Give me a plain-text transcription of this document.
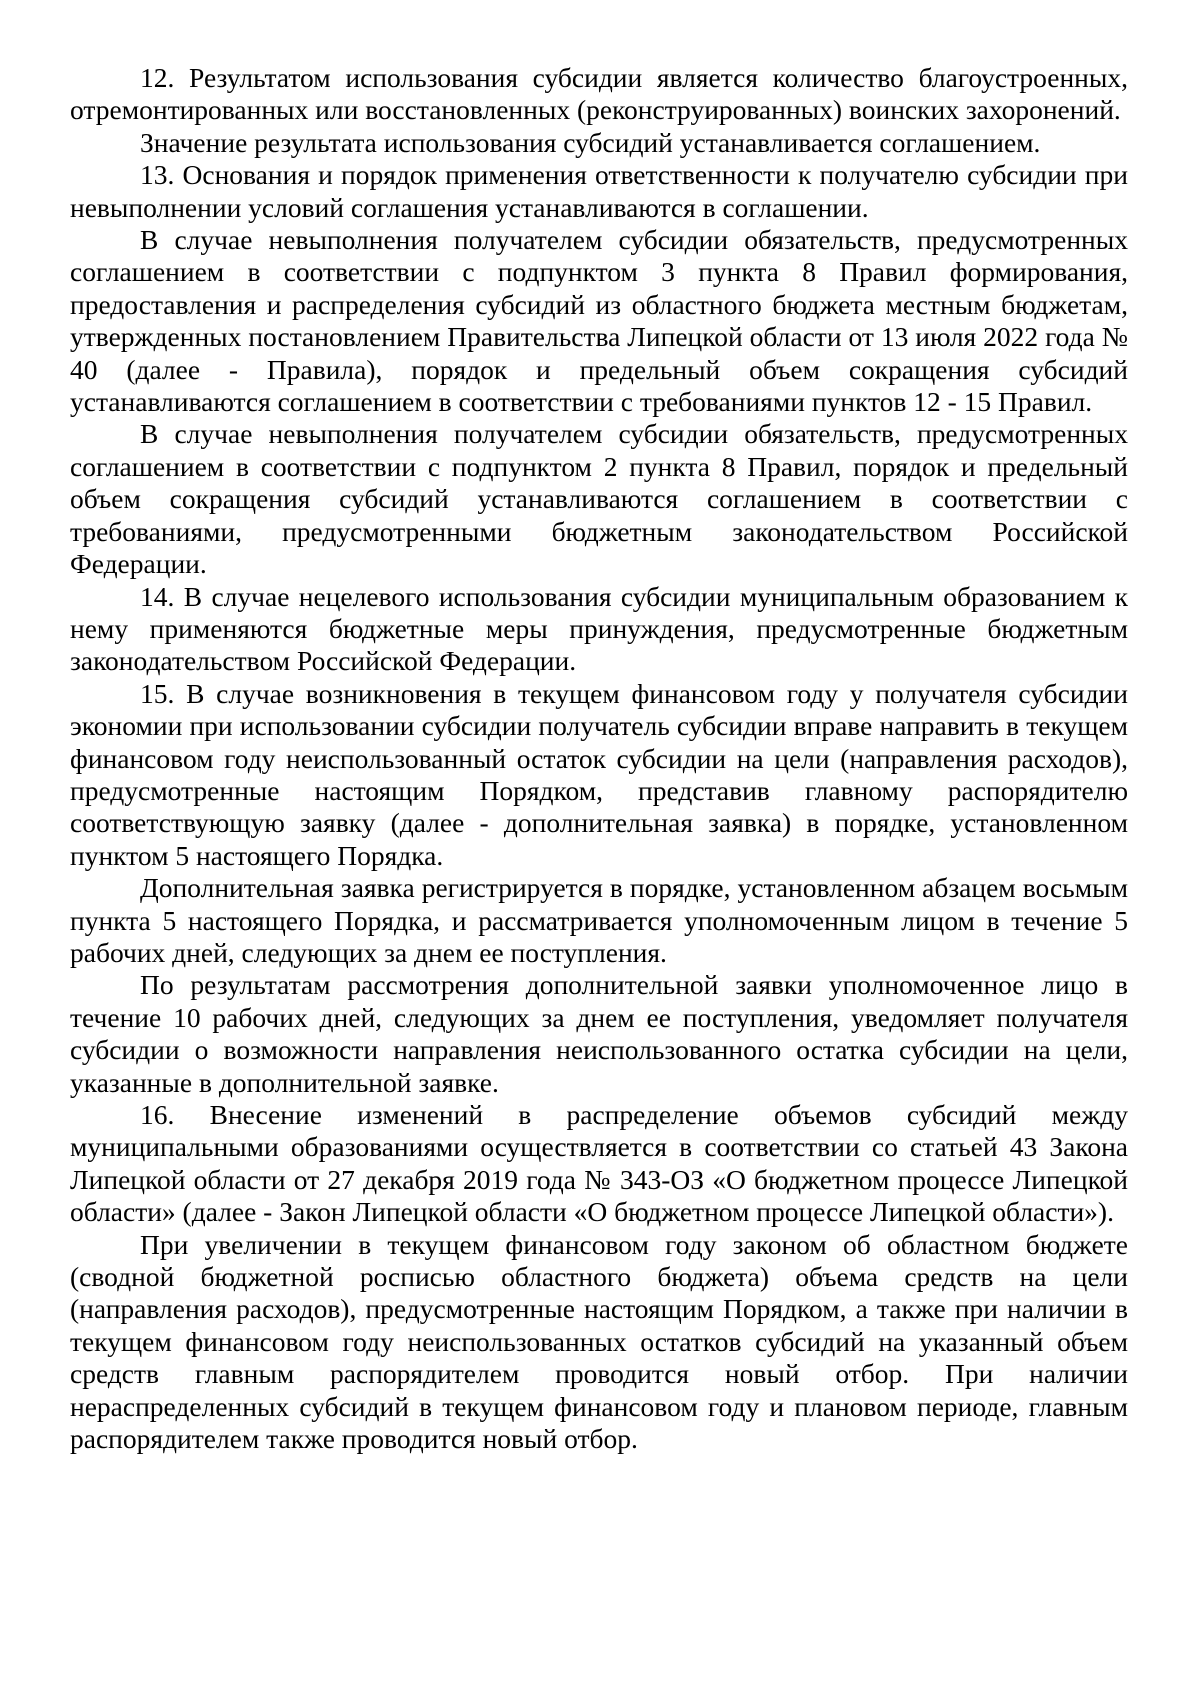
12. Результатом использования субсидии является количество благоустроенных, отремонтированных или восстановленных (реконструированных) воинских захоронений.

Значение результата использования субсидий устанавливается соглашением.

13. Основания и порядок применения ответственности к получателю субсидии при невыполнении условий соглашения устанавливаются в соглашении.

В случае невыполнения получателем субсидии обязательств, предусмотренных соглашением в соответствии с подпунктом 3 пункта 8 Правил формирования, предоставления и распределения субсидий из областного бюджета местным бюджетам, утвержденных постановлением Правительства Липецкой области от 13 июля 2022 года № 40 (далее - Правила), порядок и предельный объем сокращения субсидий устанавливаются соглашением в соответствии с требованиями пунктов 12 - 15 Правил.

В случае невыполнения получателем субсидии обязательств, предусмотренных соглашением в соответствии с подпунктом 2 пункта 8 Правил, порядок и предельный объем сокращения субсидий устанавливаются соглашением в соответствии с требованиями, предусмотренными бюджетным законодательством Российской Федерации.

14. В случае нецелевого использования субсидии муниципальным образованием к нему применяются бюджетные меры принуждения, предусмотренные бюджетным законодательством Российской Федерации.

15. В случае возникновения в текущем финансовом году у получателя субсидии экономии при использовании субсидии получатель субсидии вправе направить в текущем финансовом году неиспользованный остаток субсидии на цели (направления расходов), предусмотренные настоящим Порядком, представив главному распорядителю соответствующую заявку (далее - дополнительная заявка) в порядке, установленном пунктом 5 настоящего Порядка.

Дополнительная заявка регистрируется в порядке, установленном абзацем восьмым пункта 5 настоящего Порядка, и рассматривается уполномоченным лицом в течение 5 рабочих дней, следующих за днем ее поступления.

По результатам рассмотрения дополнительной заявки уполномоченное лицо в течение 10 рабочих дней, следующих за днем ее поступления, уведомляет получателя субсидии о возможности направления неиспользованного остатка субсидии на цели, указанные в дополнительной заявке.

16. Внесение изменений в распределение объемов субсидий между муниципальными образованиями осуществляется в соответствии со статьей 43 Закона Липецкой области от 27 декабря 2019 года № 343-ОЗ «О бюджетном процессе Липецкой области» (далее - Закон Липецкой области «О бюджетном процессе Липецкой области»).

При увеличении в текущем финансовом году законом об областном бюджете (сводной бюджетной росписью областного бюджета) объема средств на цели (направления расходов), предусмотренные настоящим Порядком, а также при наличии в текущем финансовом году неиспользованных остатков субсидий на указанный объем средств главным распорядителем проводится новый отбор. При наличии нераспределенных субсидий в текущем финансовом году и плановом периоде, главным распорядителем также проводится новый отбор.
